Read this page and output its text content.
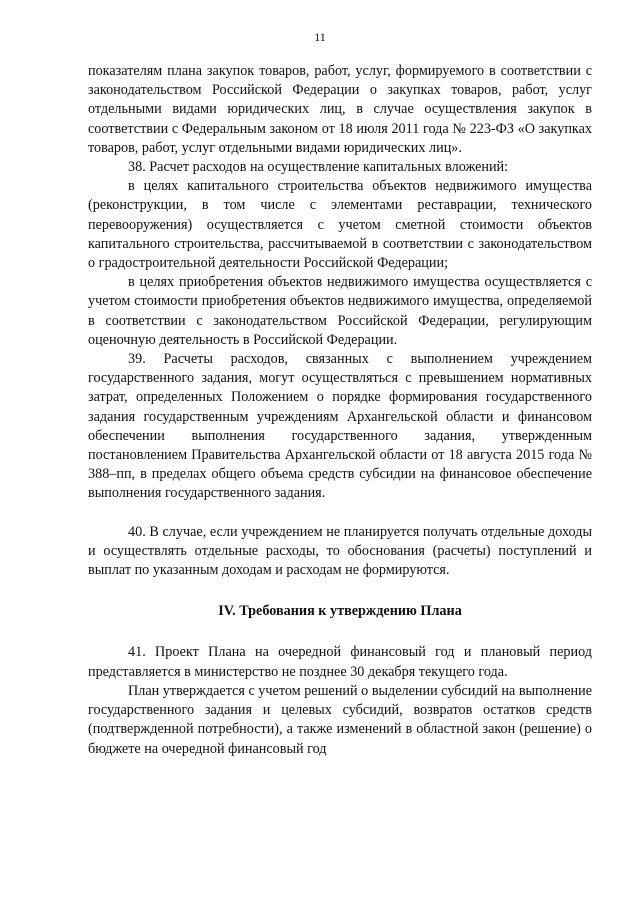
11

показателям плана закупок товаров, работ, услуг, формируемого в соответствии с законодательством Российской Федерации о закупках товаров, работ, услуг отдельными видами юридических лиц, в случае осуществления закупок в соответствии с Федеральным законом от 18 июля 2011 года № 223-ФЗ «О закупках товаров, работ, услуг отдельными видами юридических лиц».

38. Расчет расходов на осуществление капитальных вложений:

в целях капитального строительства объектов недвижимого имущества (реконструкции, в том числе с элементами реставрации, технического перевооружения) осуществляется с учетом сметной стоимости объектов капитального строительства, рассчитываемой в соответствии с законодательством о градостроительной деятельности Российской Федерации;

в целях приобретения объектов недвижимого имущества осуществляется с учетом стоимости приобретения объектов недвижимого имущества, определяемой в соответствии с законодательством Российской Федерации, регулирующим оценочную деятельность в Российской Федерации.

39. Расчеты расходов, связанных с выполнением учреждением государственного задания, могут осуществляться с превышением нормативных затрат, определенных Положением о порядке формирования государственного задания государственным учреждениям Архангельской области и финансовом обеспечении выполнения государственного задания, утвержденным постановлением Правительства Архангельской области от 18 августа 2015 года № 388–пп, в пределах общего объема средств субсидии на финансовое обеспечение выполнения государственного задания.

40. В случае, если учреждением не планируется получать отдельные доходы и осуществлять отдельные расходы, то обоснования (расчеты) поступлений и выплат по указанным доходам и расходам не формируются.

IV. Требования к утверждению Плана

41. Проект Плана на очередной финансовый год и плановый период представляется в министерство не позднее 30 декабря текущего года.

План утверждается с учетом решений о выделении субсидий на выполнение государственного задания и целевых субсидий, возвратов остатков средств (подтвержденной потребности), а также изменений в областной закон (решение) о бюджете на очередной финансовый год
